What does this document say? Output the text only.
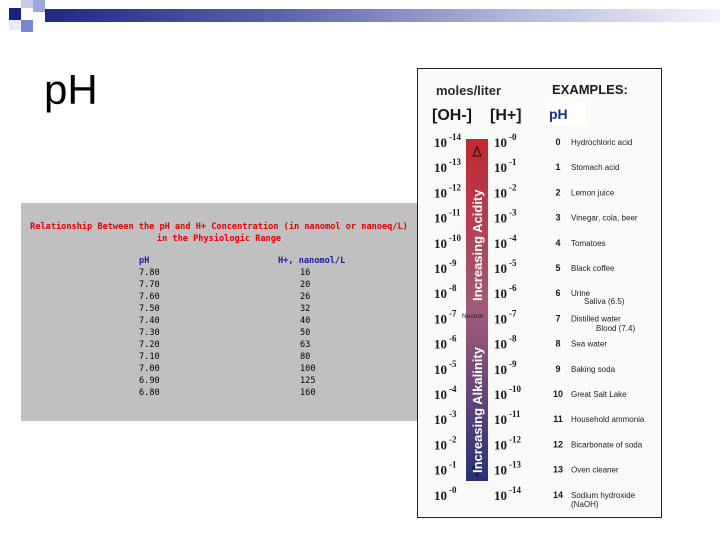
pH
Relationship Between the pH and H+ Concentration (in nanomol or nanoeq/L) in the Physiologic Range
pH	H+, nanomol/L
7.80	16
7.70	20
7.60	26
7.50	32
7.40	40
7.30	50
7.20	63
7.10	80
7.00	100
6.90	125
6.80	160
moles/liter	EXAMPLES:
[OH-] [H+] pH
Increasing Acidity
Increasing Alkalinity
Neutral
10 -14	10 -0	0 Hydrochloric acid
10 -13	10 -1	1 Stomach acid
10 -12	10 -2	2 Lemon juice
10 -11	10 -3	3 Vinegar, cola, beer
10 -10	10 -4	4 Tomatoes
10 -9	10 -5	5 Black coffee
10 -8	10 -6	6 Urine
10 -7	10 -7	7 Distilled water
10 -6	10 -8	8 Sea water
10 -5	10 -9	9 Baking soda
10 -4	10 -10	10 Great Salt Lake
10 -3	10 -11	11 Household ammonia
10 -2	10 -12	12 Bicarbonate of soda
10 -1	10 -13	13 Oven cleaner
10 -0	10 -14	14 Sodium hydroxide
Saliva (6.5)
Blood (7.4)
(NaOH)
